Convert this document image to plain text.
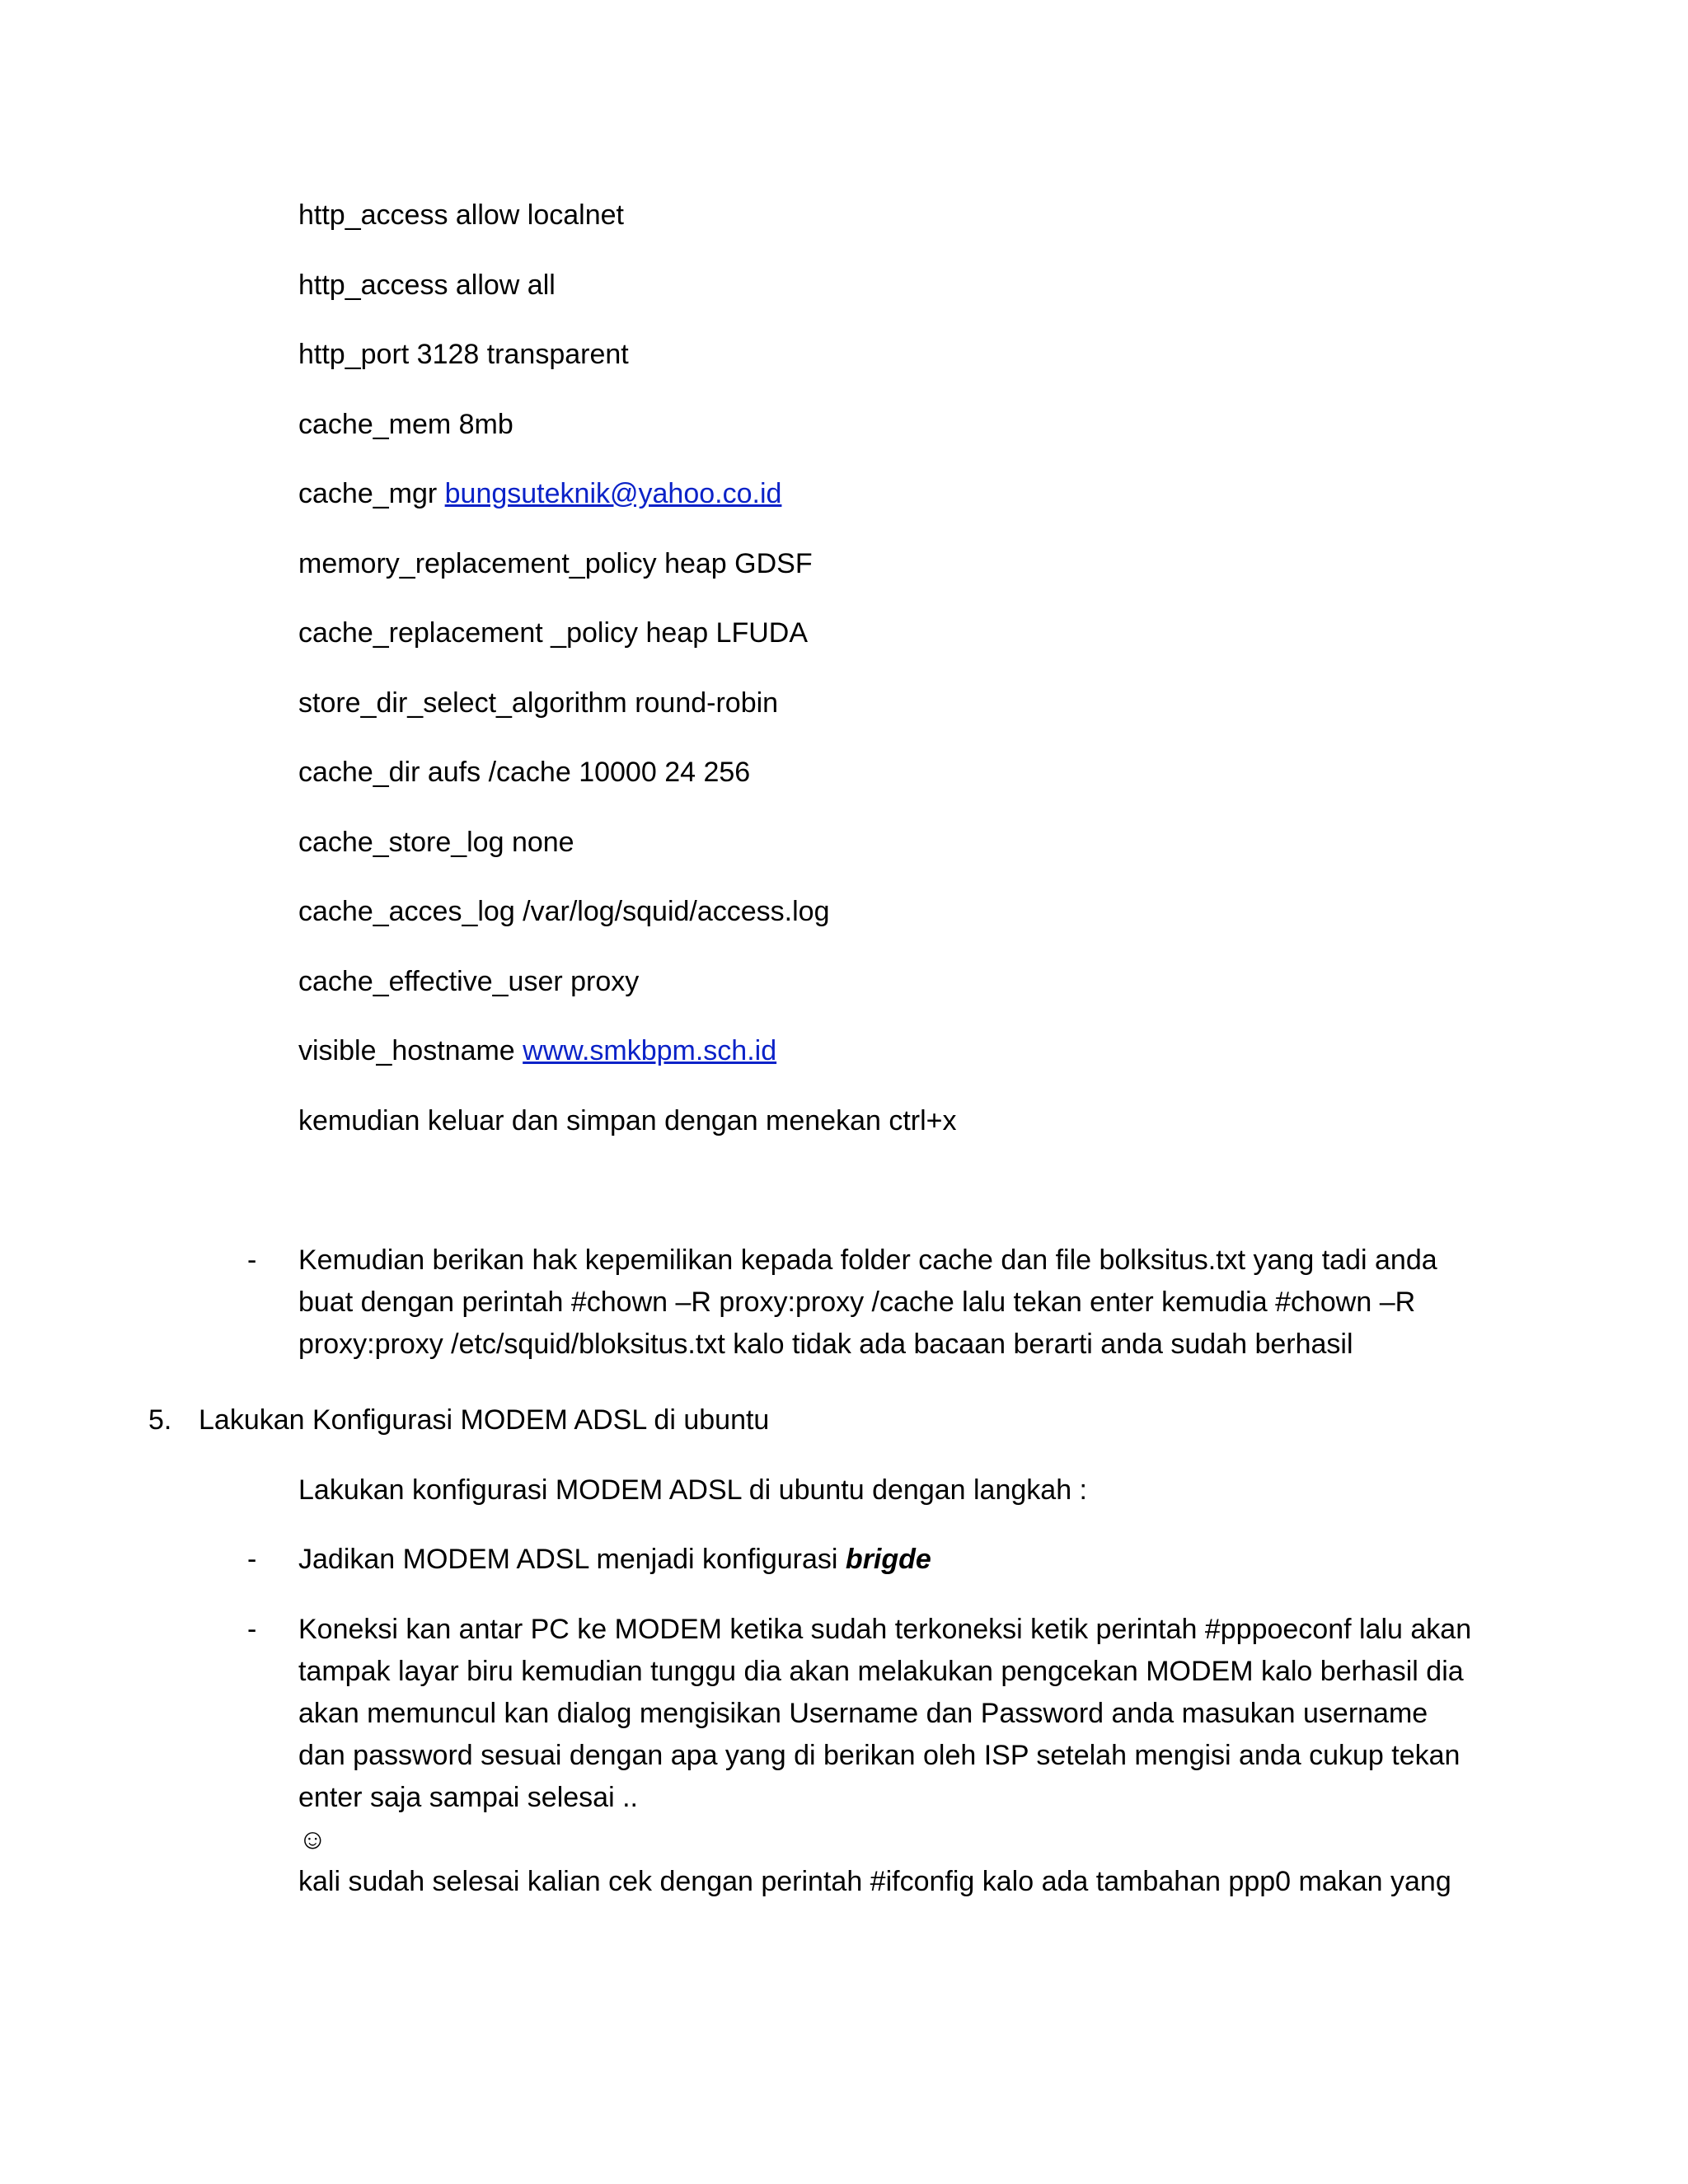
http_access allow localnet
http_access allow all
http_port 3128 transparent
cache_mem 8mb
cache_mgr bungsuteknik@yahoo.co.id
memory_replacement_policy heap GDSF
cache_replacement _policy heap LFUDA
store_dir_select_algorithm round-robin
cache_dir aufs /cache 10000 24 256
cache_store_log none
cache_acces_log /var/log/squid/access.log
cache_effective_user proxy
visible_hostname www.smkbpm.sch.id
kemudian keluar dan simpan dengan menekan ctrl+x
- Kemudian berikan hak kepemilikan kepada folder cache dan file bolksitus.txt yang tadi anda buat dengan perintah #chown –R proxy:proxy /cache lalu tekan enter kemudia #chown –R proxy:proxy /etc/squid/bloksitus.txt kalo tidak ada bacaan berarti anda sudah berhasil
5. Lakukan Konfigurasi MODEM ADSL di ubuntu
Lakukan konfigurasi MODEM ADSL di ubuntu dengan langkah :
- Jadikan MODEM ADSL menjadi konfigurasi brigde
- Koneksi kan antar PC ke MODEM ketika sudah terkoneksi ketik perintah #pppoeconf lalu akan tampak layar biru kemudian tunggu dia akan melakukan pengcekan MODEM kalo berhasil dia akan memuncul kan dialog mengisikan Username dan Password anda masukan username dan password sesuai dengan apa yang di berikan oleh ISP setelah mengisi anda cukup tekan enter saja sampai selesai ..
☺
kali sudah selesai kalian cek dengan perintah #ifconfig kalo ada tambahan ppp0 makan yang
